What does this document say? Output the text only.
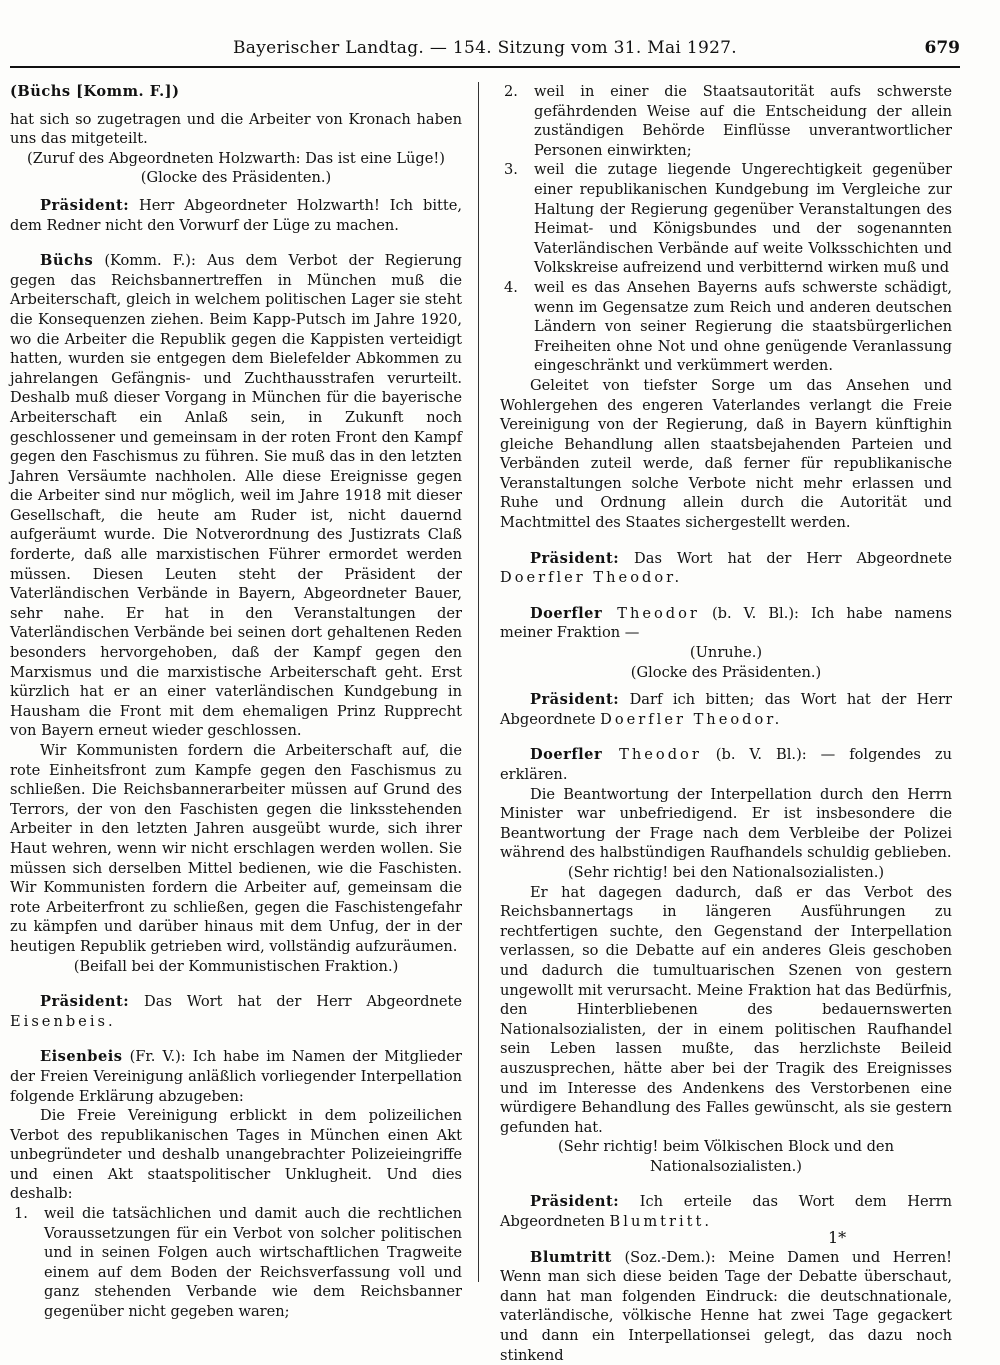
Bayerischer Landtag. — 154. Sitzung vom 31. Mai 1927.	679

(Büchs [Komm. F.])

hat sich so zugetragen und die Arbeiter von Kronach haben uns das mitgeteilt.

(Zuruf des Abgeordneten Holzwarth: Das ist eine Lüge!)

(Glocke des Präsidenten.)

Präsident: Herr Abgeordneter Holzwarth! Ich bitte, dem Redner nicht den Vorwurf der Lüge zu machen.

Büchs (Komm. F.): Aus dem Verbot der Regierung gegen das Reichsbannertreffen in München muß die Arbeiterschaft, gleich in welchem politischen Lager sie steht die Konsequenzen ziehen. Beim Kapp-Putsch im Jahre 1920, wo die Arbeiter die Republik gegen die Kappisten verteidigt hatten, wurden sie entgegen dem Bielefelder Abkommen zu jahrelangen Gefängnis- und Zuchthausstrafen verurteilt. Deshalb muß dieser Vorgang in München für die bayerische Arbeiterschaft ein Anlaß sein, in Zukunft noch geschlossener und gemeinsam in der roten Front den Kampf gegen den Faschismus zu führen. Sie muß das in den letzten Jahren Versäumte nachholen. Alle diese Ereignisse gegen die Arbeiter sind nur möglich, weil im Jahre 1918 mit dieser Gesellschaft, die heute am Ruder ist, nicht dauernd aufgeräumt wurde. Die Notverordnung des Justizrats Claß forderte, daß alle marxistischen Führer ermordet werden müssen. Diesen Leuten steht der Präsident der Vaterländischen Verbände in Bayern, Abgeordneter Bauer, sehr nahe. Er hat in den Veranstaltungen der Vaterländischen Verbände bei seinen dort gehaltenen Reden besonders hervorgehoben, daß der Kampf gegen den Marxismus und die marxistische Arbeiterschaft geht. Erst kürzlich hat er an einer vaterländischen Kundgebung in Hausham die Front mit dem ehemaligen Prinz Rupprecht von Bayern erneut wieder geschlossen.

Wir Kommunisten fordern die Arbeiterschaft auf, die rote Einheitsfront zum Kampfe gegen den Faschismus zu schließen. Die Reichsbannerarbeiter müssen auf Grund des Terrors, der von den Faschisten gegen die linksstehenden Arbeiter in den letzten Jahren ausgeübt wurde, sich ihrer Haut wehren, wenn wir nicht erschlagen werden wollen. Sie müssen sich derselben Mittel bedienen, wie die Faschisten. Wir Kommunisten fordern die Arbeiter auf, gemeinsam die rote Arbeiterfront zu schließen, gegen die Faschistengefahr zu kämpfen und darüber hinaus mit dem Unfug, der in der heutigen Republik getrieben wird, vollständig aufzuräumen.

(Beifall bei der Kommunistischen Fraktion.)

Präsident: Das Wort hat der Herr Abgeordnete Eisenbeis.

Eisenbeis (Fr. V.): Ich habe im Namen der Mitglieder der Freien Vereinigung anläßlich vorliegender Interpellation folgende Erklärung abzugeben:

Die Freie Vereinigung erblickt in dem polizeilichen Verbot des republikanischen Tages in München einen Akt unbegründeter und deshalb unangebrachter Polizeieingriffe und einen Akt staatspolitischer Unklugheit. Und dies deshalb:

1.	weil die tatsächlichen und damit auch die rechtlichen Voraussetzungen für ein Verbot von solcher politischen und in seinen Folgen auch wirtschaftlichen Tragweite einem auf dem Boden der Reichsverfassung voll und ganz stehenden Verbande wie dem Reichsbanner gegenüber nicht gegeben waren;
2.	weil in einer die Staatsautorität aufs schwerste gefährdenden Weise auf die Entscheidung der allein zuständigen Behörde Einflüsse unverantwortlicher Personen einwirkten;
3.	weil die zutage liegende Ungerechtigkeit gegenüber einer republikanischen Kundgebung im Vergleiche zur Haltung der Regierung gegenüber Veranstaltungen des Heimat- und Königsbundes und der sogenannten Vaterländischen Verbände auf weite Volksschichten und Volkskreise aufreizend und verbitternd wirken muß und
4.	weil es das Ansehen Bayerns aufs schwerste schädigt, wenn im Gegensatze zum Reich und anderen deutschen Ländern von seiner Regierung die staatsbürgerlichen Freiheiten ohne Not und ohne genügende Veranlassung eingeschränkt und verkümmert werden.

Geleitet von tiefster Sorge um das Ansehen und Wohlergehen des engeren Vaterlandes verlangt die Freie Vereinigung von der Regierung, daß in Bayern künftighin gleiche Behandlung allen staatsbejahenden Parteien und Verbänden zuteil werde, daß ferner für republikanische Veranstaltungen solche Verbote nicht mehr erlassen und Ruhe und Ordnung allein durch die Autorität und Machtmittel des Staates sichergestellt werden.

Präsident: Das Wort hat der Herr Abgeordnete Doerfler Theodor.

Doerfler Theodor (b. V. Bl.): Ich habe namens meiner Fraktion —

(Unruhe.)

(Glocke des Präsidenten.)

Präsident: Darf ich bitten; das Wort hat der Herr Abgeordnete Doerfler Theodor.

Doerfler Theodor (b. V. Bl.): — folgendes zu erklären.

Die Beantwortung der Interpellation durch den Herrn Minister war unbefriedigend. Er ist insbesondere die Beantwortung der Frage nach dem Verbleibe der Polizei während des halbstündigen Raufhandels schuldig geblieben.

(Sehr richtig! bei den Nationalsozialisten.)

Er hat dagegen dadurch, daß er das Verbot des Reichsbannertags in längeren Ausführungen zu rechtfertigen suchte, den Gegenstand der Interpellation verlassen, so die Debatte auf ein anderes Gleis geschoben und dadurch die tumultuarischen Szenen von gestern ungewollt mit verursacht. Meine Fraktion hat das Bedürfnis, den Hinterbliebenen des bedauernswerten Nationalsozialisten, der in einem politischen Raufhandel sein Leben lassen mußte, das herzlichste Beileid auszusprechen, hätte aber bei der Tragik des Ereignisses und im Interesse des Andenkens des Verstorbenen eine würdigere Behandlung des Falles gewünscht, als sie gestern gefunden hat.

(Sehr richtig! beim Völkischen Block und den Nationalsozialisten.)

Präsident: Ich erteile das Wort dem Herrn Abgeordneten Blumtritt.

Blumtritt (Soz.-Dem.): Meine Damen und Herren! Wenn man sich diese beiden Tage der Debatte überschaut, dann hat man folgenden Eindruck: die deutschnationale, vaterländische, völkische Henne hat zwei Tage gegackert und dann ein Interpellationsei gelegt, das dazu noch stinkend

1*
